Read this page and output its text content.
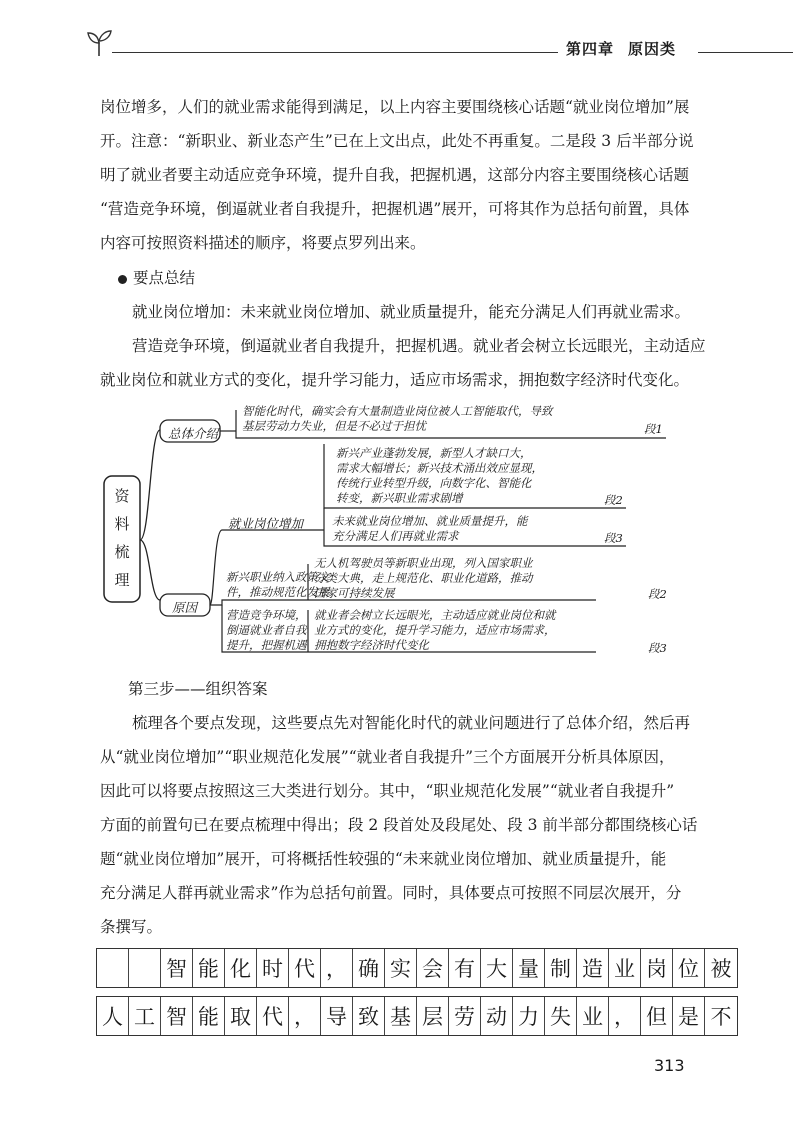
第四章 原因类
岗位增多，人们的就业需求能得到满足，以上内容主要围绕核心话题“就业岗位增加”展
开。注意：“新职业、新业态产生”已在上文出点，此处不再重复。二是段 3 后半部分说
明了就业者要主动适应竞争环境，提升自我，把握机遇，这部分内容主要围绕核心话题
“营造竞争环境，倒逼就业者自我提升，把握机遇”展开，可将其作为总括句前置，具体
内容可按照资料描述的顺序，将要点罗列出来。
要点总结
就业岗位增加：未来就业岗位增加、就业质量提升，能充分满足人们再就业需求。
营造竞争环境，倒逼就业者自我提升，把握机遇。就业者会树立长远眼光，主动适应
就业岗位和就业方式的变化，提升学习能力，适应市场需求，拥抱数字经济时代变化。
资
料
梳
理
总体介绍
智能化时代，确实会有大量制造业岗位被人工智能取代，导致
基层劳动力失业，但是不必过于担忧	段1
就业岗位增加
新兴产业蓬勃发展，新型人才缺口大，
需求大幅增长；新兴技术涌出效应显现，
传统行业转型升级，向数字化、智能化
转变，新兴职业需求剧增	段2
未来就业岗位增加、就业质量提升，能
充分满足人们再就业需求	段3
原因
新兴职业纳入政策文
件，推动规范化发展
无人机驾驶员等新职业出现，列入国家职业
分类大典，走上规范化、职业化道路，推动
国家可持续发展	段2
营造竞争环境，
倒逼就业者自我
提升，把握机遇
就业者会树立长远眼光，主动适应就业岗位和就
业方式的变化，提升学习能力，适应市场需求，
拥抱数字经济时代变化	段3
第三步——组织答案
梳理各个要点发现，这些要点先对智能化时代的就业问题进行了总体介绍，然后再
从“就业岗位增加”“职业规范化发展”“就业者自我提升”三个方面展开分析具体原因，
因此可以将要点按照这三大类进行划分。其中，“职业规范化发展”“就业者自我提升”
方面的前置句已在要点梳理中得出；段 2 段首处及段尾处、段 3 前半部分都围绕核心话
题“就业岗位增加”展开，可将概括性较强的“未来就业岗位增加、就业质量提升，能
充分满足人群再就业需求”作为总括句前置。同时，具体要点可按照不同层次展开，分
条撰写。
智 能 化 时 代 ， 确 实 会 有 大 量 制 造 业 岗 位 被
人 工 智 能 取 代 ， 导 致 基 层 劳 动 力 失 业 ， 但 是 不
313
